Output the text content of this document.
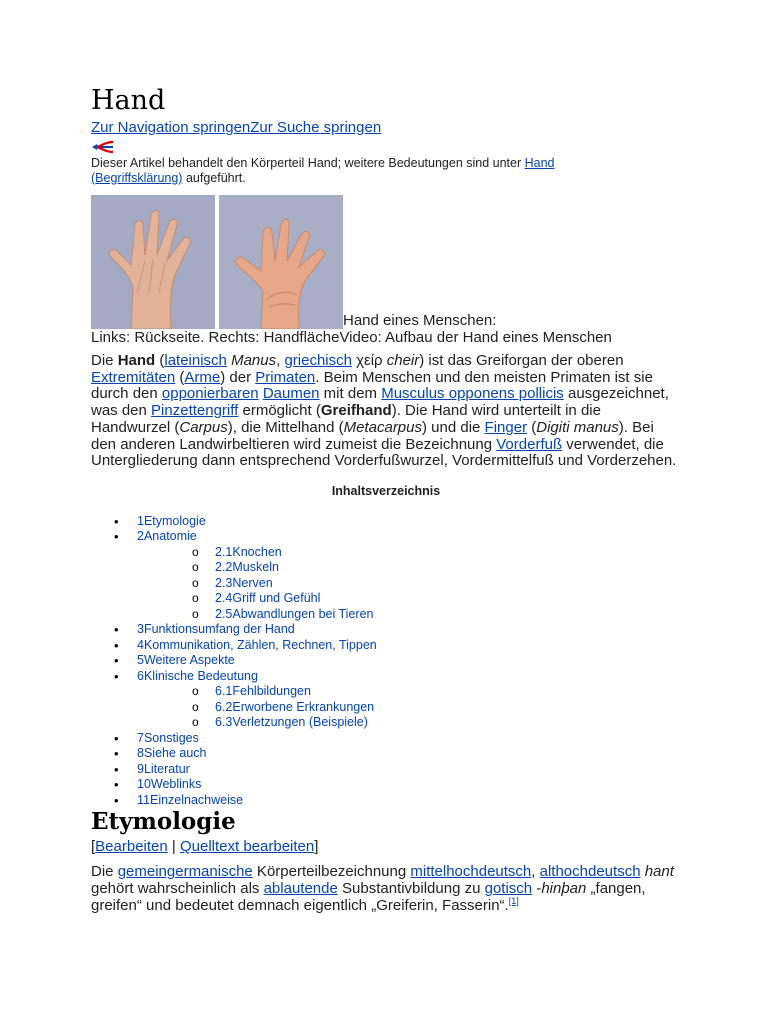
Hand
Zur Navigation springenZur Suche springen
Dieser Artikel behandelt den Körperteil Hand; weitere Bedeutungen sind unter Hand (Begriffsklärung) aufgeführt.
Hand eines Menschen:
Links: Rückseite. Rechts: HandflächeVideo: Aufbau der Hand eines Menschen

Die Hand (lateinisch Manus, griechisch χείρ cheir) ist das Greiforgan der oberen Extremitäten (Arme) der Primaten. Beim Menschen und den meisten Primaten ist sie durch den opponierbaren Daumen mit dem Musculus opponens pollicis ausgezeichnet, was den Pinzettengriff ermöglicht (Greifhand). Die Hand wird unterteilt in die Handwurzel (Carpus), die Mittelhand (Metacarpus) und die Finger (Digiti manus). Bei den anderen Landwirbeltieren wird zumeist die Bezeichnung Vorderfuß verwendet, die Untergliederung dann entsprechend Vorderfußwurzel, Vordermittelfuß und Vorderzehen.

Inhaltsverzeichnis
• 1Etymologie
• 2Anatomie
o 2.1Knochen
o 2.2Muskeln
o 2.3Nerven
o 2.4Griff und Gefühl
o 2.5Abwandlungen bei Tieren
• 3Funktionsumfang der Hand
• 4Kommunikation, Zählen, Rechnen, Tippen
• 5Weitere Aspekte
• 6Klinische Bedeutung
o 6.1Fehlbildungen
o 6.2Erworbene Erkrankungen
o 6.3Verletzungen (Beispiele)
• 7Sonstiges
• 8Siehe auch
• 9Literatur
• 10Weblinks
• 11Einzelnachweise
Etymologie
[Bearbeiten | Quelltext bearbeiten]

Die gemeingermanische Körperteilbezeichnung mittelhochdeutsch, althochdeutsch hant gehört wahrscheinlich als ablautende Substantivbildung zu gotisch -hinþan „fangen, greifen“ und bedeutet demnach eigentlich „Greiferin, Fasserin“.[1]
